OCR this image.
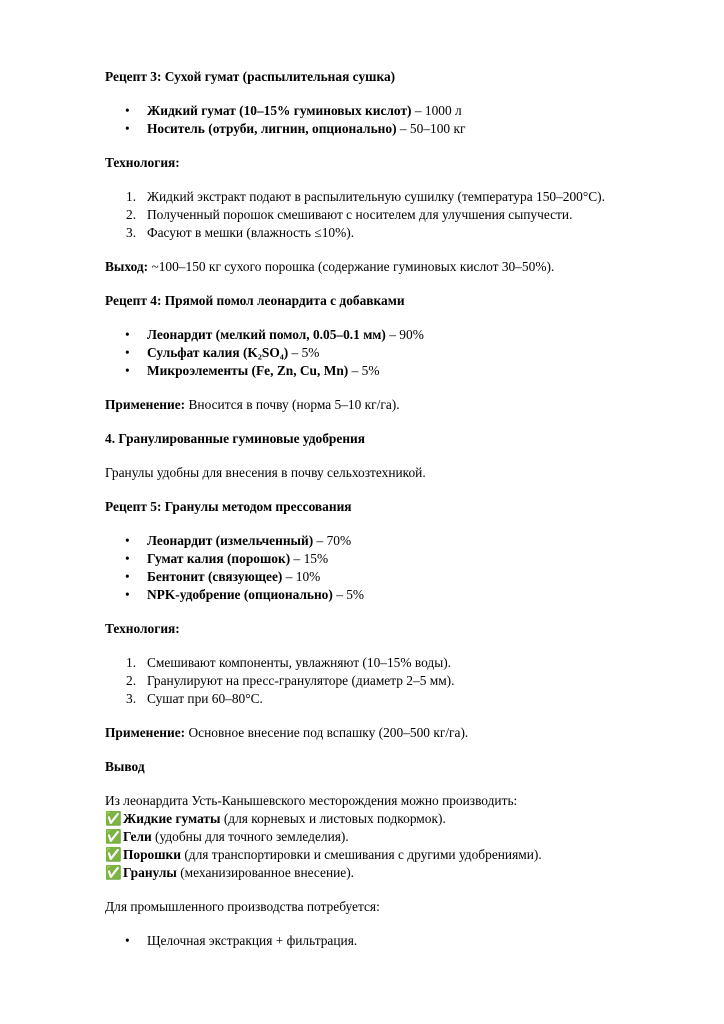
Рецепт 3: Сухой гумат (распылительная сушка)

• Жидкий гумат (10–15% гуминовых кислот) – 1000 л
• Носитель (отруби, лигнин, опционально) – 50–100 кг

Технология:

1. Жидкий экстракт подают в распылительную сушилку (температура 150–200°C).
2. Полученный порошок смешивают с носителем для улучшения сыпучести.
3. Фасуют в мешки (влажность ≤10%).

Выход: ~100–150 кг сухого порошка (содержание гуминовых кислот 30–50%).

Рецепт 4: Прямой помол леонардита с добавками

• Леонардит (мелкий помол, 0.05–0.1 мм) – 90%
• Сульфат калия (K₂SO₄) – 5%
• Микроэлементы (Fe, Zn, Cu, Mn) – 5%

Применение: Вносится в почву (норма 5–10 кг/га).

4. Гранулированные гуминовые удобрения

Гранулы удобны для внесения в почву сельхозтехникой.

Рецепт 5: Гранулы методом прессования

• Леонардит (измельченный) – 70%
• Гумат калия (порошок) – 15%
• Бентонит (связующее) – 10%
• NPK-удобрение (опционально) – 5%

Технология:

1. Смешивают компоненты, увлажняют (10–15% воды).
2. Гранулируют на пресс-грануляторе (диаметр 2–5 мм).
3. Сушат при 60–80°C.

Применение: Основное внесение под вспашку (200–500 кг/га).

Вывод

Из леонардита Усть-Канышевского месторождения можно производить:

✅Жидкие гуматы (для корневых и листовых подкормок).

✅Гели (удобны для точного земледелия).

✅Порошки (для транспортировки и смешивания с другими удобрениями).

✅Гранулы (механизированное внесение).

Для промышленного производства потребуется:

• Щелочная экстракция + фильтрация.
